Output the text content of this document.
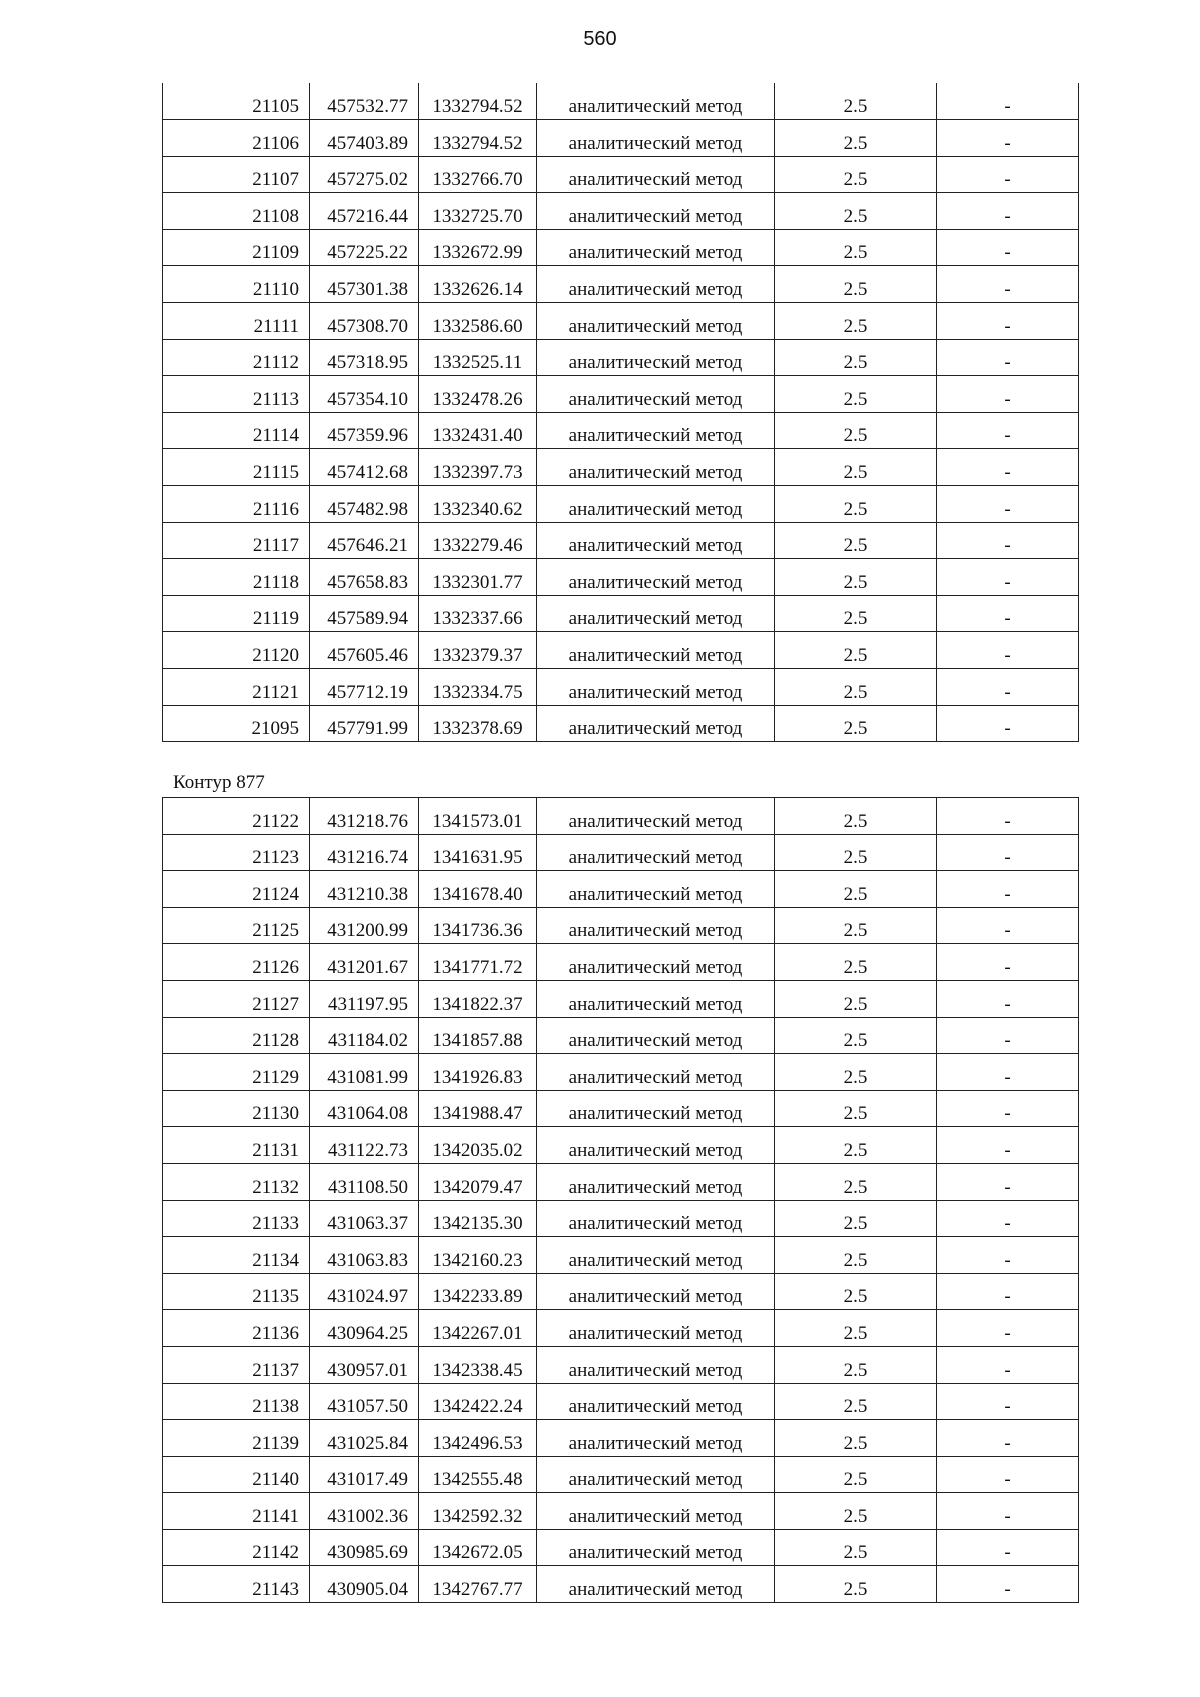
560
21105	457532.77	1332794.52	аналитический метод	2.5	-
21106	457403.89	1332794.52	аналитический метод	2.5	-
21107	457275.02	1332766.70	аналитический метод	2.5	-
21108	457216.44	1332725.70	аналитический метод	2.5	-
21109	457225.22	1332672.99	аналитический метод	2.5	-
21110	457301.38	1332626.14	аналитический метод	2.5	-
21111	457308.70	1332586.60	аналитический метод	2.5	-
21112	457318.95	1332525.11	аналитический метод	2.5	-
21113	457354.10	1332478.26	аналитический метод	2.5	-
21114	457359.96	1332431.40	аналитический метод	2.5	-
21115	457412.68	1332397.73	аналитический метод	2.5	-
21116	457482.98	1332340.62	аналитический метод	2.5	-
21117	457646.21	1332279.46	аналитический метод	2.5	-
21118	457658.83	1332301.77	аналитический метод	2.5	-
21119	457589.94	1332337.66	аналитический метод	2.5	-
21120	457605.46	1332379.37	аналитический метод	2.5	-
21121	457712.19	1332334.75	аналитический метод	2.5	-
21095	457791.99	1332378.69	аналитический метод	2.5	-
Контур 877
21122	431218.76	1341573.01	аналитический метод	2.5	-
21123	431216.74	1341631.95	аналитический метод	2.5	-
21124	431210.38	1341678.40	аналитический метод	2.5	-
21125	431200.99	1341736.36	аналитический метод	2.5	-
21126	431201.67	1341771.72	аналитический метод	2.5	-
21127	431197.95	1341822.37	аналитический метод	2.5	-
21128	431184.02	1341857.88	аналитический метод	2.5	-
21129	431081.99	1341926.83	аналитический метод	2.5	-
21130	431064.08	1341988.47	аналитический метод	2.5	-
21131	431122.73	1342035.02	аналитический метод	2.5	-
21132	431108.50	1342079.47	аналитический метод	2.5	-
21133	431063.37	1342135.30	аналитический метод	2.5	-
21134	431063.83	1342160.23	аналитический метод	2.5	-
21135	431024.97	1342233.89	аналитический метод	2.5	-
21136	430964.25	1342267.01	аналитический метод	2.5	-
21137	430957.01	1342338.45	аналитический метод	2.5	-
21138	431057.50	1342422.24	аналитический метод	2.5	-
21139	431025.84	1342496.53	аналитический метод	2.5	-
21140	431017.49	1342555.48	аналитический метод	2.5	-
21141	431002.36	1342592.32	аналитический метод	2.5	-
21142	430985.69	1342672.05	аналитический метод	2.5	-
21143	430905.04	1342767.77	аналитический метод	2.5	-
